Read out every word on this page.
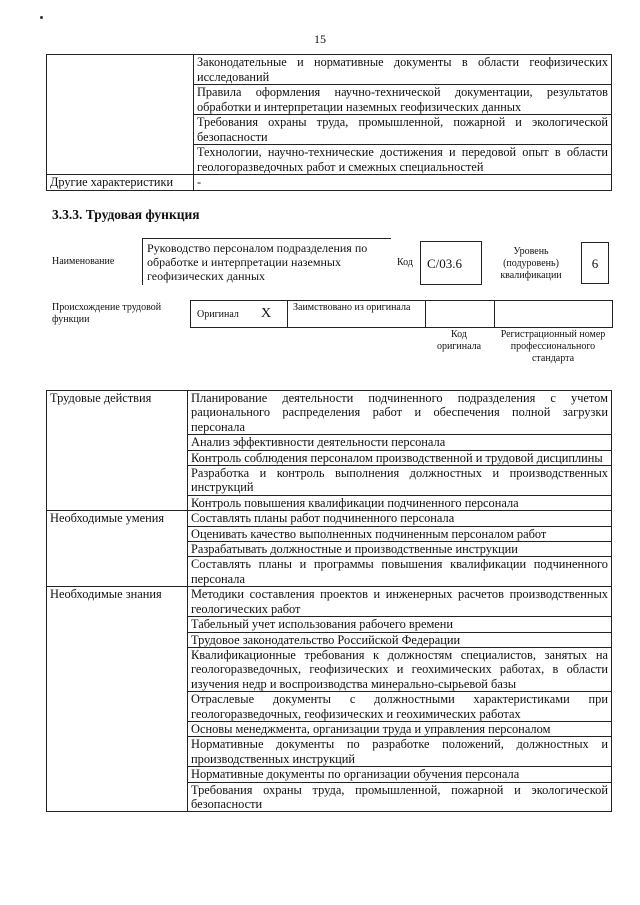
15
	Законодательные и нормативные документы в области геофизических исследований
	Правила оформления научно-технической документации, результатов обработки и интерпретации наземных геофизических данных
	Требования охраны труда, промышленной, пожарной и экологической безопасности
	Технологии, научно-технические достижения и передовой опыт в области геологоразведочных работ и смежных специальностей
Другие характеристики	-
3.3.3. Трудовая функция
Наименование
Руководство персоналом подразделения по обработке и интерпретации наземных геофизических данных
Код	С/03.6
Уровень (подуровень) квалификации
6
Происхождение трудовой функции	Оригинал Х	Заимствовано из оригинала
Код оригинала
Регистрационный номер профессионального стандарта
Трудовые действия	Планирование деятельности подчиненного подразделения с учетом рационального распределения работ и обеспечения полной загрузки персонала
	Анализ эффективности деятельности персонала
	Контроль соблюдения персоналом производственной и трудовой дисциплины
	Разработка и контроль выполнения должностных и производственных инструкций
	Контроль повышения квалификации подчиненного персонала
Необходимые умения	Составлять планы работ подчиненного персонала
	Оценивать качество выполненных подчиненным персоналом работ
	Разрабатывать должностные и производственные инструкции
	Составлять планы и программы повышения квалификации подчиненного персонала
Необходимые знания	Методики составления проектов и инженерных расчетов производственных геологических работ
	Табельный учет использования рабочего времени
	Трудовое законодательство Российской Федерации
	Квалификационные требования к должностям специалистов, занятых на геологоразведочных, геофизических и геохимических работах, в области изучения недр и воспроизводства минерально-сырьевой базы
	Отраслевые документы с должностными характеристиками при геологоразведочных, геофизических и геохимических работах
	Основы менеджмента, организации труда и управления персоналом
	Нормативные документы по разработке положений, должностных и производственных инструкций
	Нормативные документы по организации обучения персонала
	Требования охраны труда, промышленной, пожарной и экологической безопасности
